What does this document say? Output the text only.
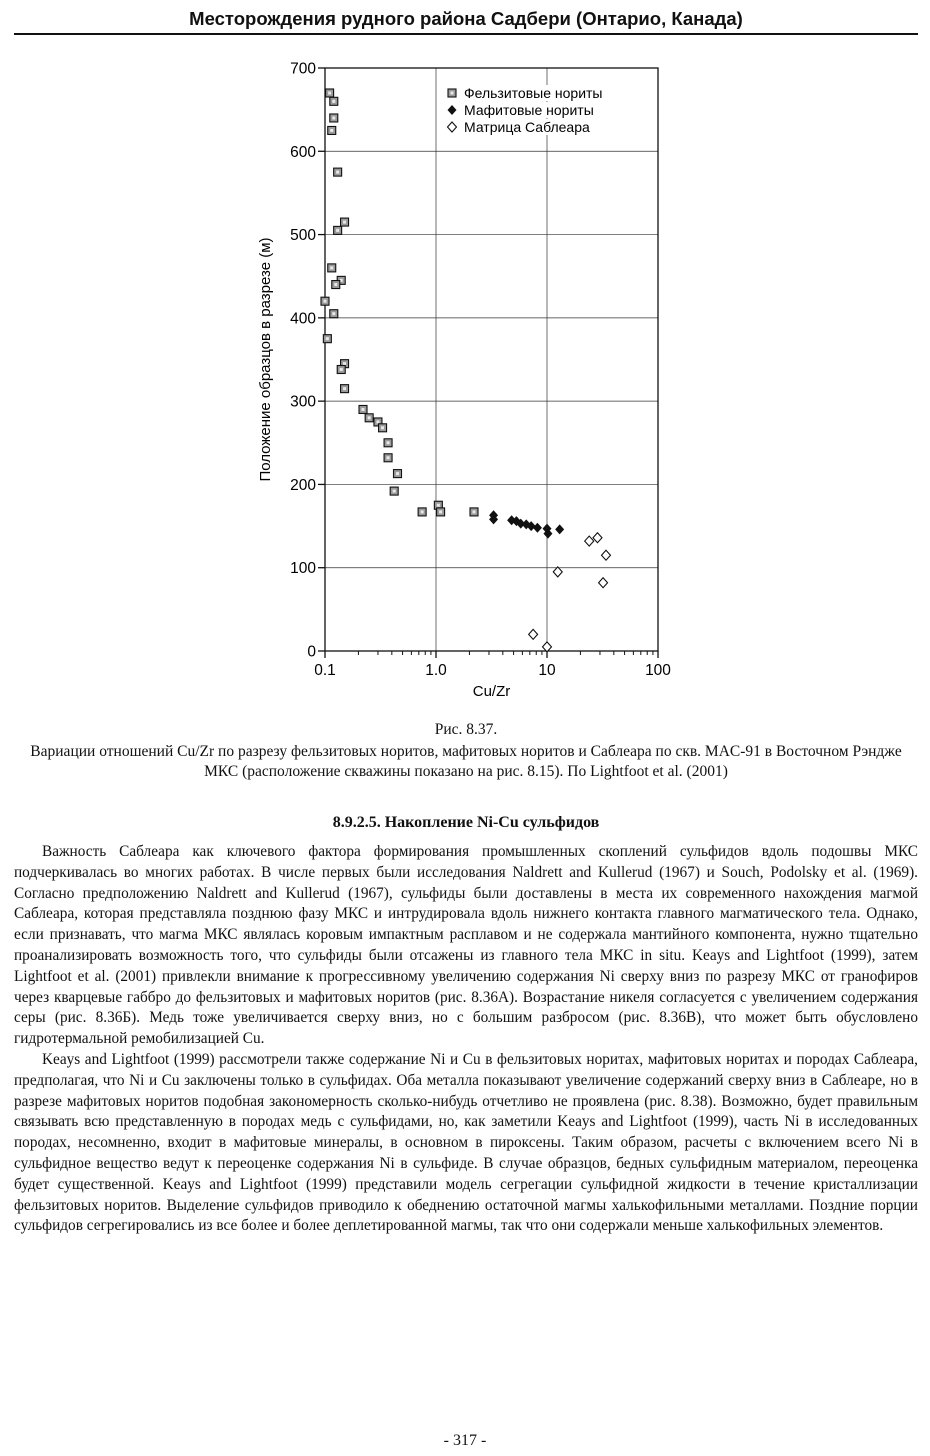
Месторождения рудного района Садбери (Онтарио, Канада)
0
100
200
300
400
500
600
700
0.1	1.0	10	100
Фельзитовые нориты
Мафитовые нориты
Матрица Саблеара
Cu/Zr
Положение образцов в разрезе (м)
Рис. 8.37.
Вариации отношений Cu/Zr по разрезу фельзитовых норитов, мафитовых норитов и Саблеара по скв. MAC-91 в Восточном Рэндже МКС (расположение скважины показано на рис. 8.15). По Lightfoot et al. (2001)
8.9.2.5. Накопление Ni-Cu сульфидов

Важность Саблеара как ключевого фактора формирования промышленных скоплений сульфидов вдоль подошвы МКС подчеркивалась во многих работах. В числе первых были исследования Naldrett and Kullerud (1967) и Souch, Podolsky et al. (1969). Согласно предположению Naldrett and Kullerud (1967), сульфиды были доставлены в места их современного нахождения магмой Саблеара, которая представляла позднюю фазу МКС и интрудировала вдоль нижнего контакта главного магматического тела. Однако, если признавать, что магма МКС являлась коровым импактным расплавом и не содержала мантийного компонента, нужно тщательно проанализировать возможность того, что сульфиды были отсажены из главного тела МКС in situ. Keays and Lightfoot (1999), затем Lightfoot et al. (2001) привлекли внимание к прогрессивному увеличению содержания Ni сверху вниз по разрезу МКС от гранофиров через кварцевые габбро до фельзитовых и мафитовых норитов (рис. 8.36А). Возрастание никеля согласуется с увеличением содержания серы (рис. 8.36Б). Медь тоже увеличивается сверху вниз, но с большим разбросом (рис. 8.36В), что может быть обусловлено гидротермальной ремобилизацией Cu.

Keays and Lightfoot (1999) рассмотрели также содержание Ni и Cu в фельзитовых норитах, мафитовых норитах и породах Саблеара, предполагая, что Ni и Cu заключены только в сульфидах. Оба металла показывают увеличение содержаний сверху вниз в Саблеаре, но в разрезе мафитовых норитов подобная закономерность сколько-нибудь отчетливо не проявлена (рис. 8.38). Возможно, будет правильным связывать всю представленную в породах медь с сульфидами, но, как заметили Keays and Lightfoot (1999), часть Ni в исследованных породах, несомненно, входит в мафитовые минералы, в основном в пироксены. Таким образом, расчеты с включением всего Ni в сульфидное вещество ведут к переоценке содержания Ni в сульфиде. В случае образцов, бедных сульфидным материалом, переоценка будет существенной. Keays and Lightfoot (1999) представили модель сегрегации сульфидной жидкости в течение кристаллизации фельзитовых норитов. Выделение сульфидов приводило к обеднению остаточной магмы халькофильными металлами. Поздние порции сульфидов сегрегировались из все более и более деплетированной магмы, так что они содержали меньше халькофильных элементов.

- 317 -
